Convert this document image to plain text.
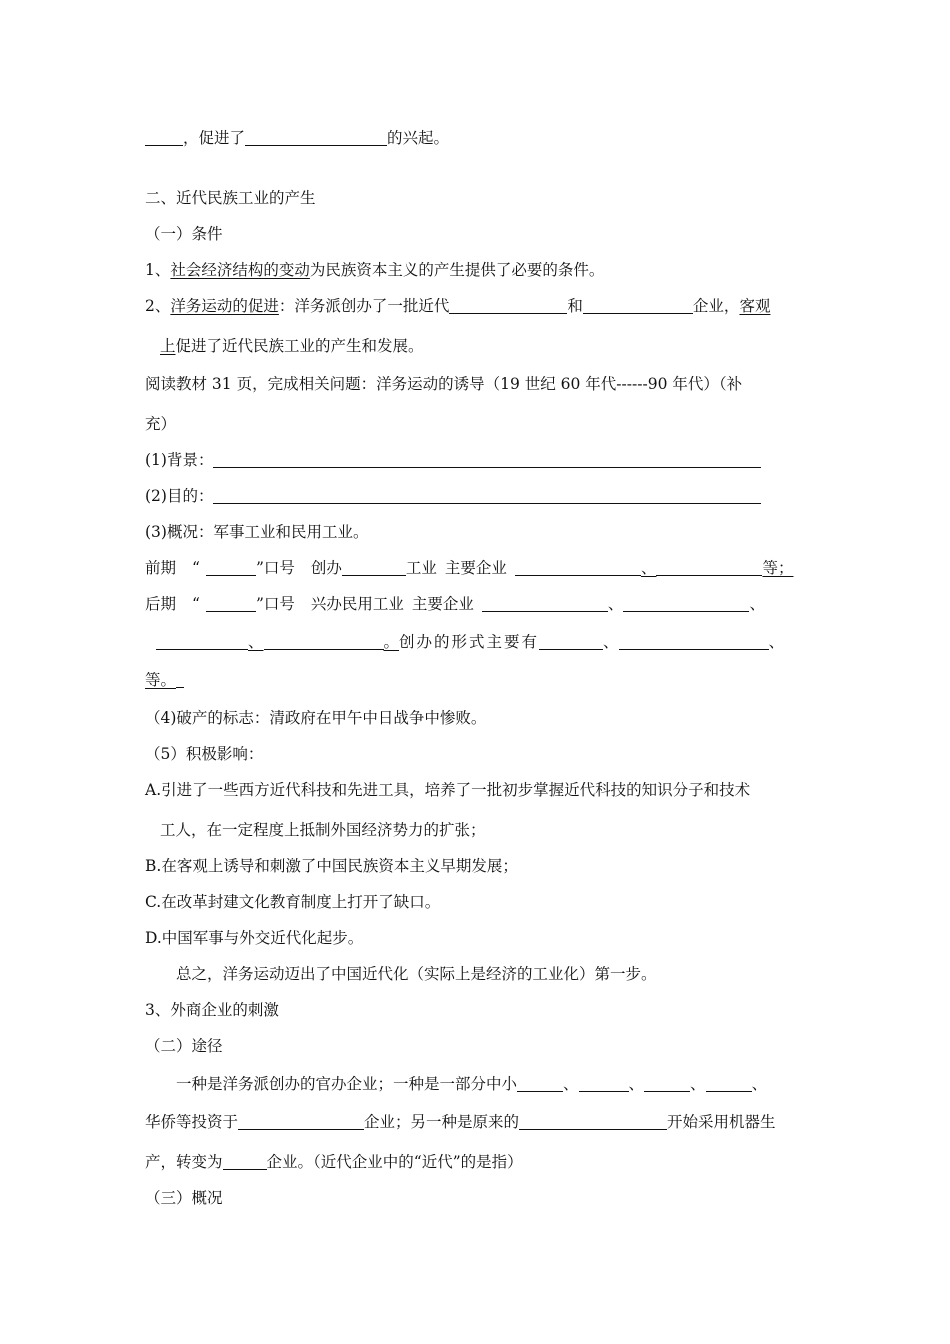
，促进了	的兴起。
二、近代民族工业的产生
（一）条件
1、社会经济结构的变动为民族资本主义的产生提供了必要的条件。
2、洋务运动的促进：洋务派创办了一批近代	和	企业，客观
上促进了近代民族工业的产生和发展。
阅读教材 31 页，完成相关问题：洋务运动的诱导（19 世纪 60 年代------90 年代）（补
充）
(1)背景：
(2)目的：
(3)概况：军事工业和民用工业。
前期 “	”口号 创办	工业 主要企业	、	等；
后期 “	”口号 兴办民用工业 主要企业	、	、
、	。创办的形式主要有	、	、
等。
（4)破产的标志：清政府在甲午中日战争中惨败。
（5）积极影响：
A.引进了一些西方近代科技和先进工具，培养了一批初步掌握近代科技的知识分子和技术
工人，在一定程度上抵制外国经济势力的扩张；
B.在客观上诱导和刺激了中国民族资本主义早期发展；
C.在改革封建文化教育制度上打开了缺口。
D.中国军事与外交近代化起步。
总之，洋务运动迈出了中国近代化（实际上是经济的工业化）第一步。
3、外商企业的刺激
（二）途径
一种是洋务派创办的官办企业；一种是一部分中小	、	、	、	、
华侨等投资于	企业；另一种是原来的	开始采用机器生
产，转变为	企业。（近代企业中的“近代”的是指）
（三）概况
